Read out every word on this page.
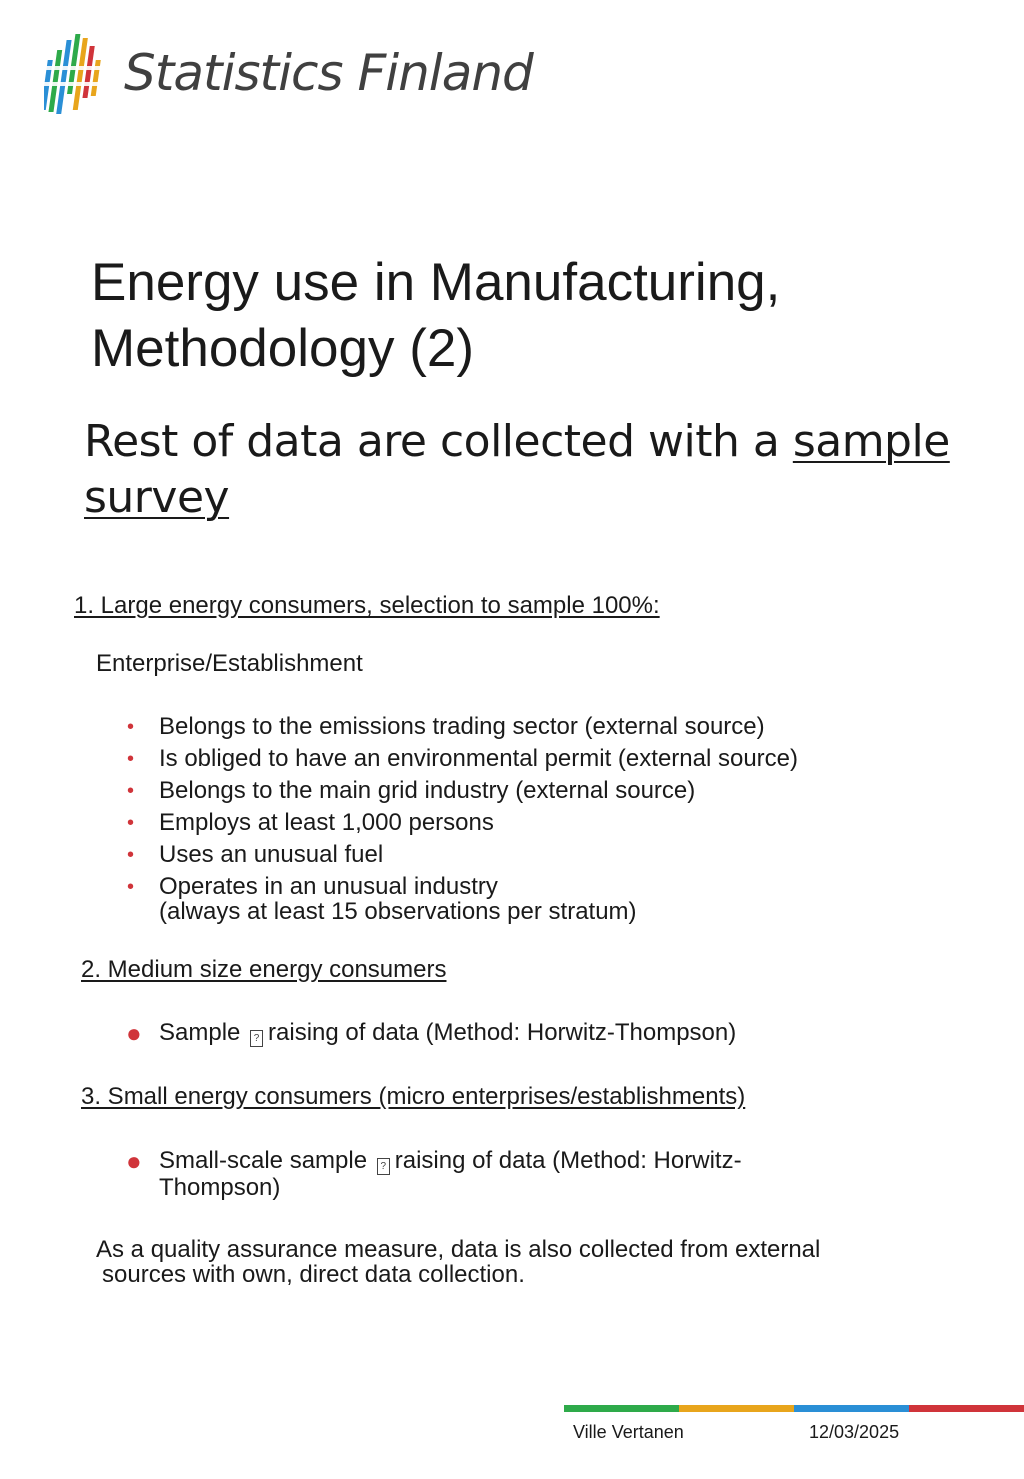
Statistics Finland
Energy use in Manufacturing,
Methodology (2)
Rest of data are collected with a sample survey
1. Large energy consumers, selection to sample 100%:
Enterprise/Establishment
• Belongs to the emissions trading sector (external source)
• Is obliged to have an environmental permit (external source)
• Belongs to the main grid industry (external source)
• Employs at least 1,000 persons
• Uses an unusual fuel
• Operates in an unusual industry
(always at least 15 observations per stratum)
2. Medium size energy consumers
● Sample ? raising of data (Method: Horwitz-Thompson)
3. Small energy consumers (micro enterprises/establishments)
● Small-scale sample ? raising of data (Method: Horwitz-
Thompson)
As a quality assurance measure, data is also collected from external
sources with own, direct data collection.
Ville Vertanen	12/03/2025
